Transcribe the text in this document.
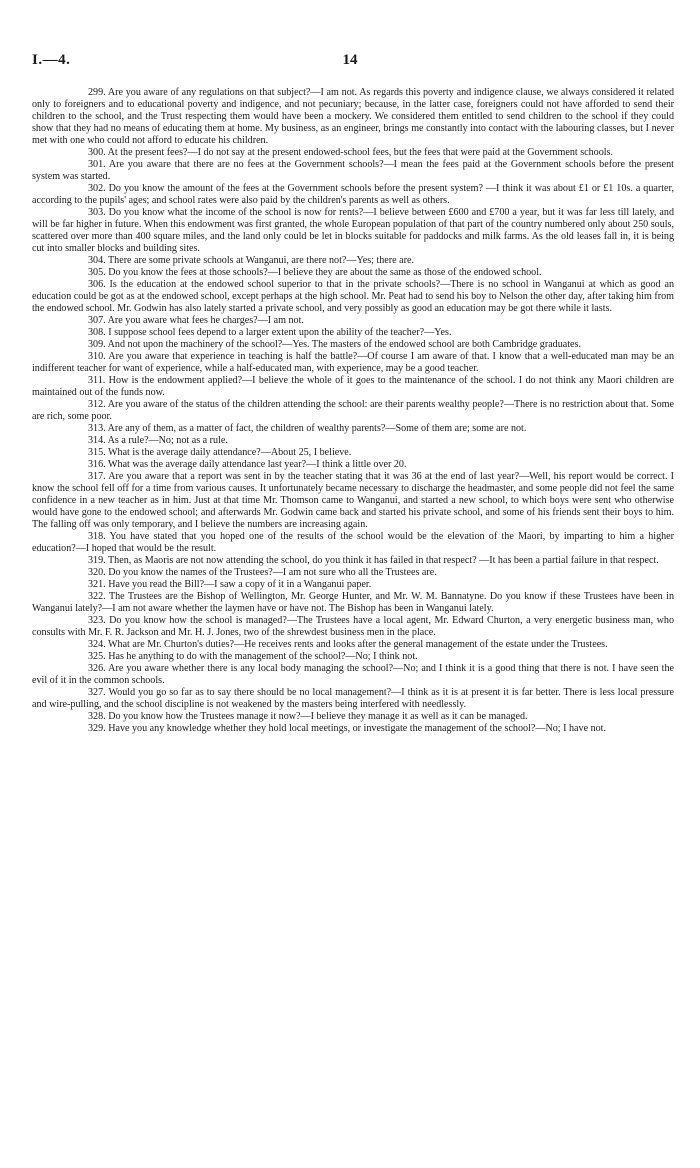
I.—4.	14

299. Are you aware of any regulations on that subject?—I am not. As regards this poverty and indigence clause, we always considered it related only to foreigners and to educational poverty and indigence, and not pecuniary; because, in the latter case, foreigners could not have afforded to send their children to the school, and the Trust respecting them would have been a mockery. We considered them entitled to send children to the school if they could show that they had no means of educating them at home. My business, as an engineer, brings me constantly into contact with the labouring classes, but I never met with one who could not afford to educate his children.

300. At the present fees?—I do not say at the present endowed-school fees, but the fees that were paid at the Government schools.

301. Are you aware that there are no fees at the Government schools?—I mean the fees paid at the Government schools before the present system was started.

302. Do you know the amount of the fees at the Government schools before the present system? —I think it was about £1 or £1 10s. a quarter, according to the pupils' ages; and school rates were also paid by the children's parents as well as others.

303. Do you know what the income of the school is now for rents?—I believe between £600 and £700 a year, but it was far less till lately, and will be far higher in future. When this endowment was first granted, the whole European population of that part of the country numbered only about 250 souls, scattered over more than 400 square miles, and the land only could be let in blocks suitable for paddocks and milk farms. As the old leases fall in, it is being cut into smaller blocks and building sites.

304. There are some private schools at Wanganui, are there not?—Yes; there are.

305. Do you know the fees at those schools?—I believe they are about the same as those of the endowed school.

306. Is the education at the endowed school superior to that in the private schools?—There is no school in Wanganui at which as good an education could be got as at the endowed school, except perhaps at the high school. Mr. Peat had to send his boy to Nelson the other day, after taking him from the endowed school. Mr. Godwin has also lately started a private school, and very possibly as good an education may be got there while it lasts.

307. Are you aware what fees he charges?—I am not.

308. I suppose school fees depend to a larger extent upon the ability of the teacher?—Yes.

309. And not upon the machinery of the school?—Yes. The masters of the endowed school are both Cambridge graduates.

310. Are you aware that experience in teaching is half the battle?—Of course I am aware of that. I know that a well-educated man may be an indifferent teacher for want of experience, while a half-educated man, with experience, may be a good teacher.

311. How is the endowment applied?—I believe the whole of it goes to the maintenance of the school. I do not think any Maori children are maintained out of the funds now.

312. Are you aware of the status of the children attending the school: are their parents wealthy people?—There is no restriction about that. Some are rich, some poor.

313. Are any of them, as a matter of fact, the children of wealthy parents?—Some of them are; some are not.

314. As a rule?—No; not as a rule.

315. What is the average daily attendance?—About 25, I believe.

316. What was the average daily attendance last year?—I think a little over 20.

317. Are you aware that a report was sent in by the teacher stating that it was 36 at the end of last year?—Well, his report would be correct. I know the school fell off for a time from various causes. It unfortunately became necessary to discharge the headmaster, and some people did not feel the same confidence in a new teacher as in him. Just at that time Mr. Thomson came to Wanganui, and started a new school, to which boys were sent who otherwise would have gone to the endowed school; and afterwards Mr. Godwin came back and started his private school, and some of his friends sent their boys to him. The falling off was only temporary, and I believe the numbers are increasing again.

318. You have stated that you hoped one of the results of the school would be the elevation of the Maori, by imparting to him a higher education?—I hoped that would be the result.

319. Then, as Maoris are not now attending the school, do you think it has failed in that respect? —It has been a partial failure in that respect.

320. Do you know the names of the Trustees?—I am not sure who all the Trustees are.

321. Have you read the Bill?—I saw a copy of it in a Wanganui paper.

322. The Trustees are the Bishop of Wellington, Mr. George Hunter, and Mr. W. M. Bannatyne. Do you know if these Trustees have been in Wanganui lately?—I am not aware whether the laymen have or have not. The Bishop has been in Wanganui lately.

323. Do you know how the school is managed?—The Trustees have a local agent, Mr. Edward Churton, a very energetic business man, who consults with Mr. F. R. Jackson and Mr. H. J. Jones, two of the shrewdest business men in the place.

324. What are Mr. Churton's duties?—He receives rents and looks after the general management of the estate under the Trustees.

325. Has he anything to do with the management of the school?—No; I think not.

326. Are you aware whether there is any local body managing the school?—No; and I think it is a good thing that there is not. I have seen the evil of it in the common schools.

327. Would you go so far as to say there should be no local management?—I think as it is at present it is far better. There is less local pressure and wire-pulling, and the school discipline is not weakened by the masters being interfered with needlessly.

328. Do you know how the Trustees manage it now?—I believe they manage it as well as it can be managed.

329. Have you any knowledge whether they hold local meetings, or investigate the management of the school?—No; I have not.
